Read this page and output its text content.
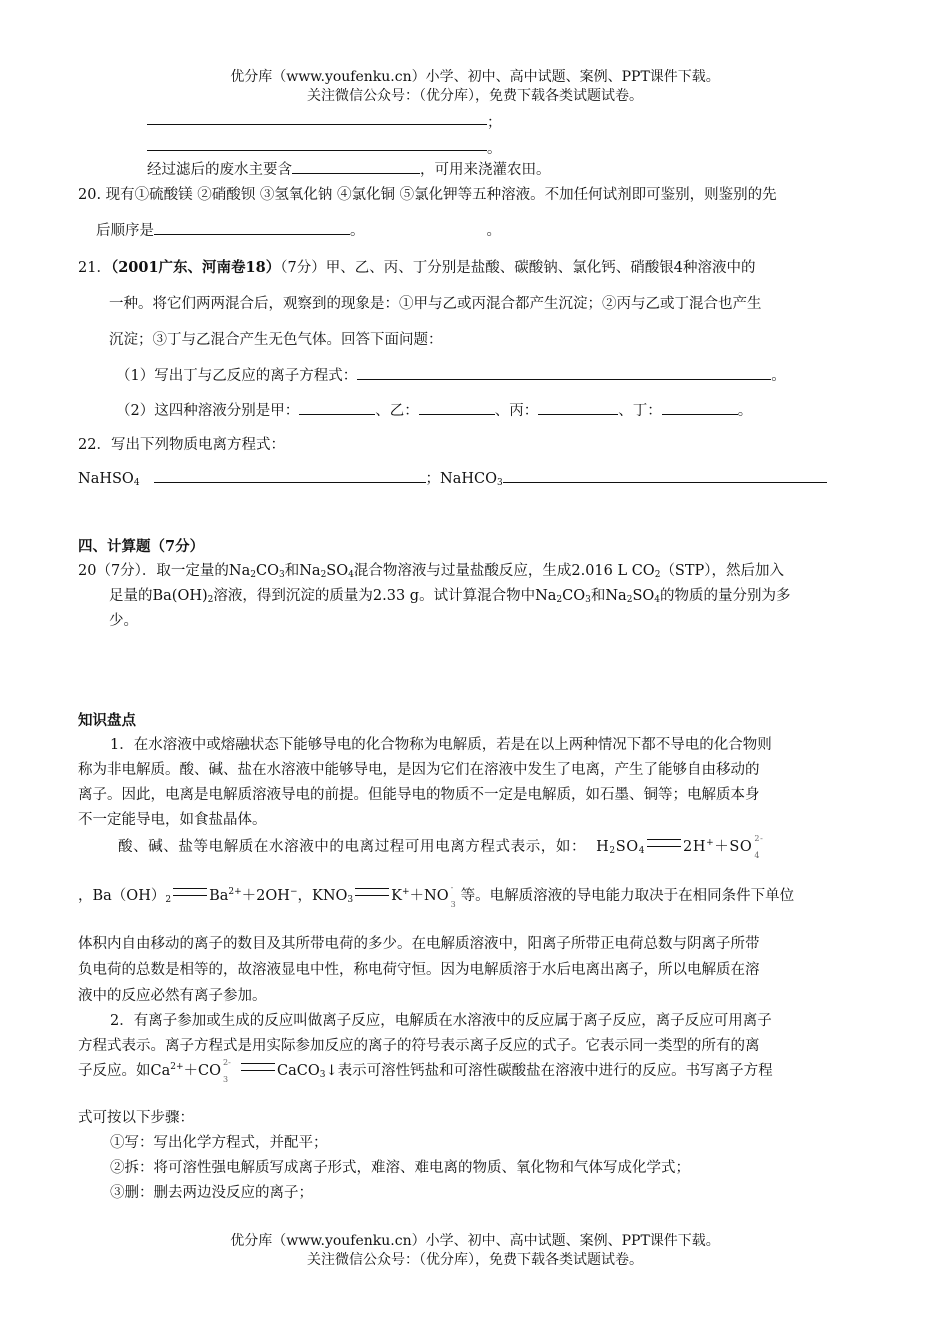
优分库（www.youfenku.cn）小学、初中、高中试题、案例、PPT课件下载。
关注微信公众号：（优分库），免费下载各类试题试卷。
；
。
经过滤后的废水主要含	，可用来浇灌农田。
20. 现有①硫酸镁 ②硝酸钡 ③氢氧化钠 ④氯化铜 ⑤氯化钾等五种溶液。不加任何试剂即可鉴别，则鉴别的先
后顺序是	。	。
21．（2001广东、河南卷18）（7分）甲、乙、丙、丁分别是盐酸、碳酸钠、氯化钙、硝酸银4种溶液中的
一种。将它们两两混合后，观察到的现象是：①甲与乙或丙混合都产生沉淀；②丙与乙或丁混合也产生
沉淀；③丁与乙混合产生无色气体。回答下面问题：
（1）写出丁与乙反应的离子方程式：	。
（2）这四种溶液分别是甲：	、乙：	、丙：	、丁：	。
22．写出下列物质电离方程式：
NaHSO$_4$	；NaHCO$_3$
四、计算题（7分）
20（7分）．取一定量的$Na_2CO_3$和$Na_2SO_4$混合物溶液与过量盐酸反应，生成2.016 L $CO_2(STP)$，然后加入
足量的$Ba(OH)_2$溶液，得到沉淀的质量为2.33 g。试计算混合物中$Na_2CO_3$和$Na_2SO_4$的物质的量分别为多
少。
知识盘点
1．在水溶液中或熔融状态下能够导电的化合物称为电解质，若是在以上两种情况下都不导电的化合物则
称为非电解质。酸、碱、盐在水溶液中能够导电，是因为它们在溶液中发生了电离，产生了能够自由移动的
离子。因此，电离是电解质溶液导电的前提。但能导电的物质不一定是电解质，如石墨、铜等；电解质本身
不一定能导电，如食盐晶体。
酸、碱、盐等电解质在水溶液中的电离过程可用电离方程式表示，如： $H_2SO_4$	2H+＋SO
2-
4
，$Ba(OH)_2$	$Ba^{2+}+2OH^-$，$KNO_3$	K+＋NO
-
3
等。电解质溶液的导电能力取决于在相同条件下单位
体积内自由移动的离子的数目及其所带电荷的多少。在电解质溶液中，阳离子所带正电荷总数与阴离子所带
负电荷的总数是相等的，故溶液显电中性，称电荷守恒。因为电解质溶于水后电离出离子，所以电解质在溶
液中的反应必然有离子参加。
2．有离子参加或生成的反应叫做离子反应，电解质在水溶液中的反应属于离子反应，离子反应可用离子
方程式表示。离子方程式是用实际参加反应的离子的符号表示离子反应的式子。它表示同一类型的所有的离
子反应。如$Ca^{2+}+CO$
2-
3
CaCO$_3$↓表示可溶性钙盐和可溶性碳酸盐在溶液中进行的反应。书写离子方程
式可按以下步骤：
①写：写出化学方程式，并配平；
②拆：将可溶性强电解质写成离子形式，难溶、难电离的物质、氧化物和气体写成化学式；
③删：删去两边没反应的离子；
优分库（www.youfenku.cn）小学、初中、高中试题、案例、PPT课件下载。
关注微信公众号：（优分库），免费下载各类试题试卷。
